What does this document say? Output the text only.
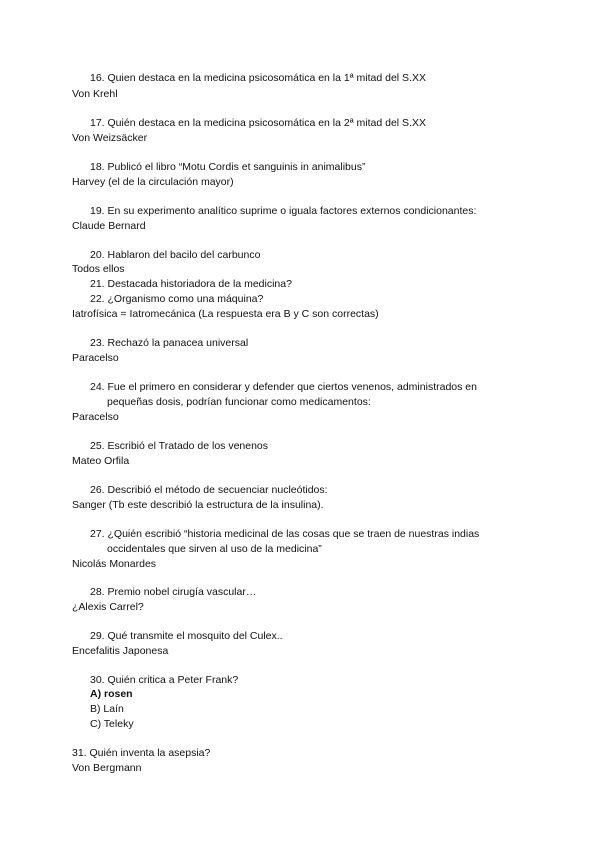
16. Quien destaca en la medicina psicosomática en la 1ª mitad del S.XX
Von Krehl
17. Quién destaca en la medicina psicosomática en la 2ª mitad del S.XX
Von Weizsäcker
18. Publicó el libro “Motu Cordis et sanguinis in animalibus”
Harvey (el de la circulación mayor)
19. En su experimento analítico suprime o iguala factores externos condicionantes:
Claude Bernard
20. Hablaron del bacilo del carbunco
Todos ellos
21. Destacada historiadora de la medicina?
22. ¿Organismo como una máquina?
Iatrofísica = Iatromecánica (La respuesta era B y C son correctas)
23. Rechazó la panacea universal
Paracelso
24. Fue el primero en considerar y defender que ciertos venenos, administrados en
pequeñas dosis, podrían funcionar como medicamentos:
Paracelso
25. Escribió el Tratado de los venenos
Mateo Orfila
26. Describió el método de secuenciar nucleótidos:
Sanger (Tb este describió la estructura de la insulina).
27. ¿Quién escribió “historia medicinal de las cosas que se traen de nuestras indias
occidentales que sirven al uso de la medicina”
Nicolás Monardes
28. Premio nobel cirugía vascular…
¿Alexis Carrel?
29. Qué transmite el mosquito del Culex..
Encefalitis Japonesa
30. Quién critica a Peter Frank?
A) rosen
B) Laín
C) Teleky
31. Quién inventa la asepsia?
Von Bergmann
